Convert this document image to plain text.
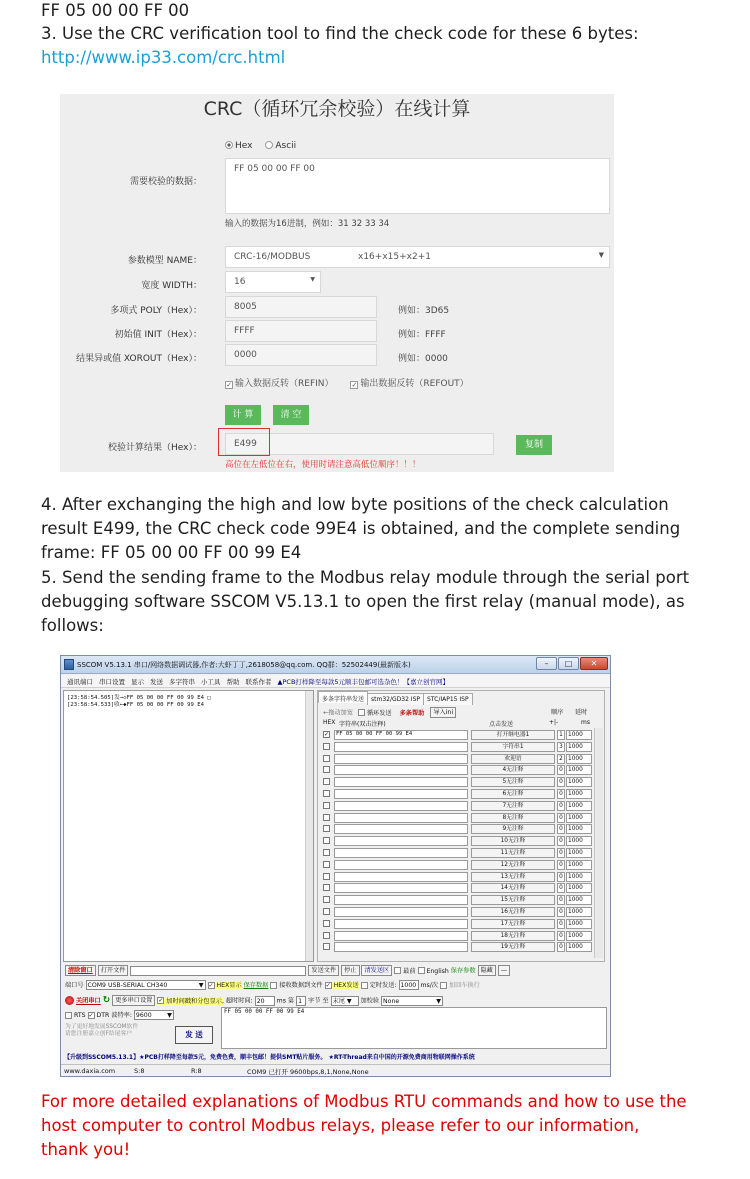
FF 05 00 00 FF 00
3. Use the CRC verification tool to find the check code for these 6 bytes:
http://www.ip33.com/crc.html
CRC（循环冗余校验）在线计算
Hex	Ascii
需要校验的数据：
FF 05 00 00 FF 00
输入的数据为16进制，例如：31 32 33 34
参数模型 NAME：	CRC-16/MODBUS	x16+x15+x2+1	▼
宽度 WIDTH：	16	▼
多项式 POLY（Hex）：	8005	例如：3D65
初始值 INIT（Hex）：	FFFF	例如：FFFF
结果异或值 XOROUT（Hex）：	0000	例如：0000
✓ 输入数据反转（REFIN）	✓ 输出数据反转（REFOUT）
计 算	清 空
校验计算结果（Hex）：	E499	复制
高位在左低位在右，使用时请注意高低位顺序！！！
4. After exchanging the high and low byte positions of the check calculation
result E499, the CRC check code 99E4 is obtained, and the complete sending
frame: FF 05 00 00 FF 00 99 E4
5. Send the sending frame to the Modbus relay module through the serial port
debugging software SSCOM V5.13.1 to open the first relay (manual mode), as
follows:
SSCOM V5.13.1 串口/网络数据调试器,作者:大虾丁丁,2618058@qq.com. QQ群：52502449(最新版本)	–	□	✕
通讯端口 串口设置 显示 发送 多字符串 小工具 帮助 联系作者 ▲PCB打样降至每款5元顺丰包邮可选杂色！【嘉立创官网】
[23:58:54.505]发→◇FF 05 00 00 FF 00 99 E4 □
[23:58:54.533]收←◆FF 05 00 00 FF 00 99 E4
多条字符串发送 stm32/GD32 ISP STC/IAP15 ISP
←拖动加宽 循环发送 多条帮助 导入ini	顺序 延时
HEX 字符串(双击注释)	点击发送	+|-	ms
✓	FF 05 00 00 FF 00 99 E4	打开继电器1	1 1000
字符串1	3 1000
欢迎语	2 1000
4无注释	0 1000
5无注释	0 1000
6无注释	0 1000
7无注释	0 1000
8无注释	0 1000
9无注释	0 1000
10无注释	0 1000
11无注释	0 1000
12无注释	0 1000
13无注释	0 1000
14无注释	0 1000
15无注释	0 1000
16无注释	0 1000
17无注释	0 1000
18无注释	0 1000
19无注释	0 1000
清除窗口 打开文件	发送文件 停止 清发送区 最前 English 保存参数 隐藏 —
端口号 COM9 USB-SERIAL CH340	▼ ✓ HEX显示 保存数据 接收数据到文件 ✓ HEX发送 定时发送: 1000 ms/次 加回车换行
关闭串口 ↻ 更多串口设置 ✓ 加时间戳和分包显示, 超时时间: 20 ms 第 1 字节 至 末尾 ▼ 加校验 None	▼
RTS ✓ DTR 波特率: 9600 ▼	FF 05 00 00 FF 00 99 E4
为了更好地发展SSCOM软件
请您注册嘉立创F结尾客户	发 送
【升级到SSCOM5.13.1】★PCB打样降至每款5元，免费色费，顺丰包邮！提供SMT贴片服务。 ★RT-Thread来自中国的开源免费商用物联网操作系统
www.daxia.com	S:8	R:8	COM9 已打开 9600bps,8,1,None,None
For more detailed explanations of Modbus RTU commands and how to use the
host computer to control Modbus relays, please refer to our information,
thank you!
